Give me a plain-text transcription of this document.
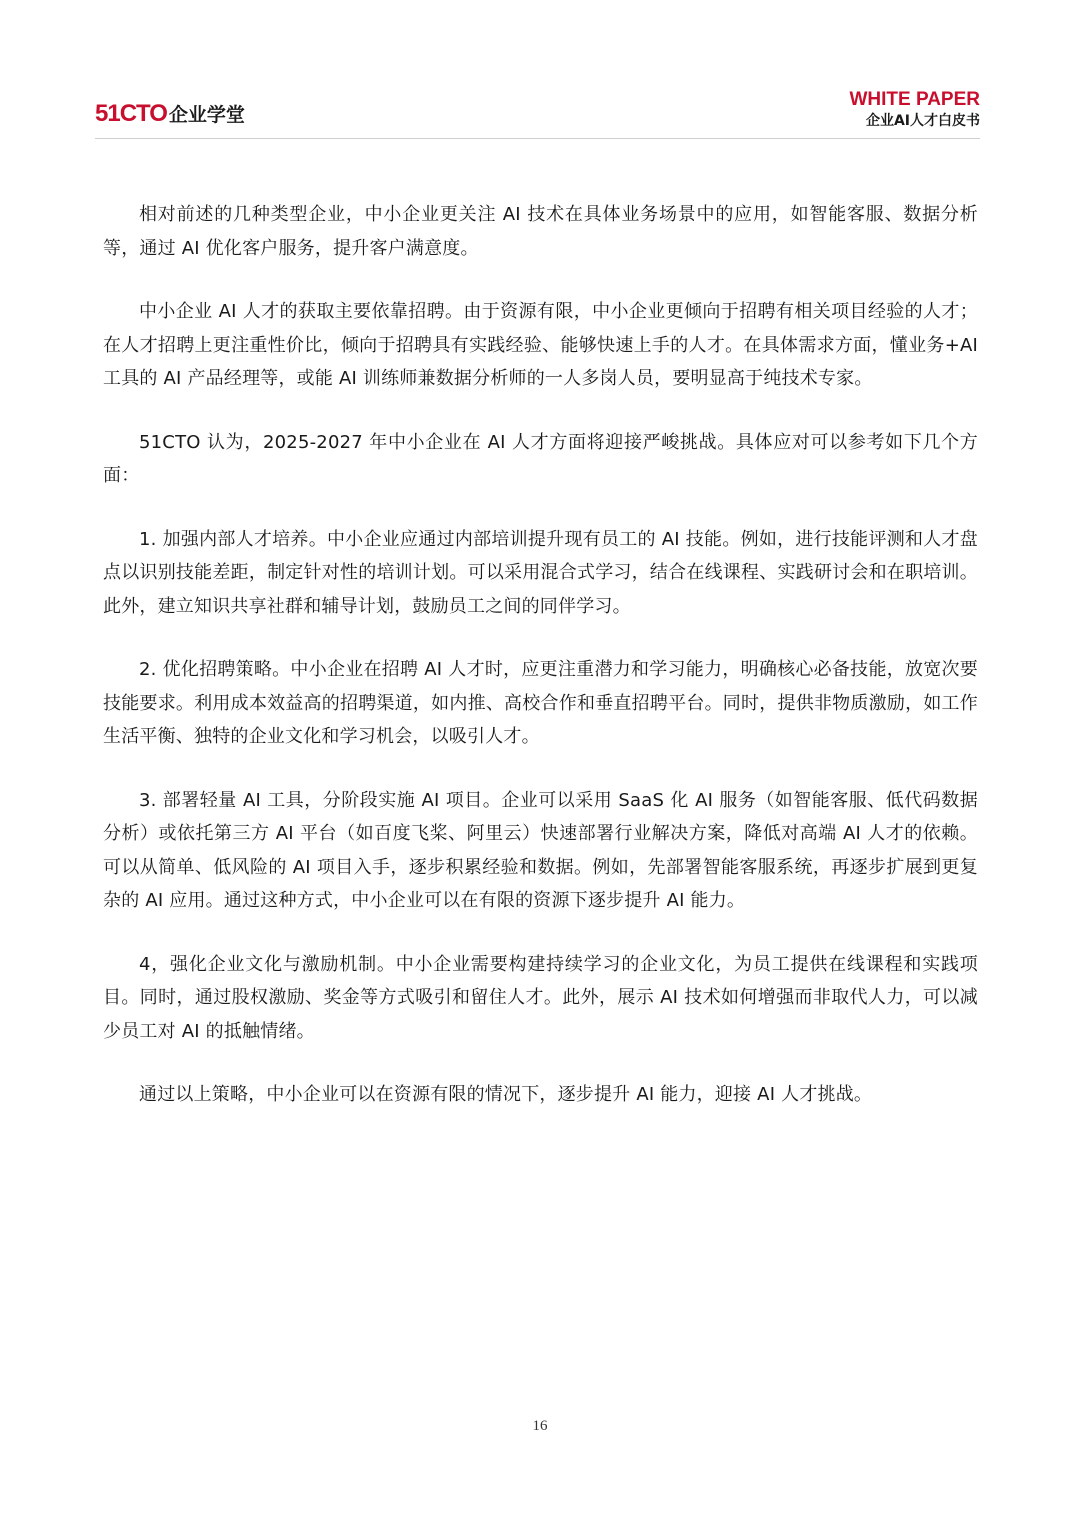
51CTO 企业学堂
WHITE PAPER
企业AI人才白皮书

相对前述的几种类型企业，中小企业更关注 AI 技术在具体业务场景中的应用，如智能客服、数据分析等，通过 AI 优化客户服务，提升客户满意度。

中小企业 AI 人才的获取主要依靠招聘。由于资源有限，中小企业更倾向于招聘有相关项目经验的人才；在人才招聘上更注重性价比，倾向于招聘具有实践经验、能够快速上手的人才。在具体需求方面，懂业务+AI 工具的 AI 产品经理等，或能 AI 训练师兼数据分析师的一人多岗人员，要明显高于纯技术专家。

51CTO 认为，2025-2027 年中小企业在 AI 人才方面将迎接严峻挑战。具体应对可以参考如下几个方面：

1. 加强内部人才培养。中小企业应通过内部培训提升现有员工的 AI 技能。例如，进行技能评测和人才盘点以识别技能差距，制定针对性的培训计划。可以采用混合式学习，结合在线课程、实践研讨会和在职培训。此外，建立知识共享社群和辅导计划，鼓励员工之间的同伴学习。

2. 优化招聘策略。中小企业在招聘 AI 人才时，应更注重潜力和学习能力，明确核心必备技能，放宽次要技能要求。利用成本效益高的招聘渠道，如内推、高校合作和垂直招聘平台。同时，提供非物质激励，如工作生活平衡、独特的企业文化和学习机会，以吸引人才。

3. 部署轻量 AI 工具，分阶段实施 AI 项目。企业可以采用 SaaS 化 AI 服务（如智能客服、低代码数据分析）或依托第三方 AI 平台（如百度飞桨、阿里云）快速部署行业解决方案，降低对高端 AI 人才的依赖。可以从简单、低风险的 AI 项目入手，逐步积累经验和数据。例如，先部署智能客服系统，再逐步扩展到更复杂的 AI 应用。通过这种方式，中小企业可以在有限的资源下逐步提升 AI 能力。

4，强化企业文化与激励机制。中小企业需要构建持续学习的企业文化，为员工提供在线课程和实践项目。同时，通过股权激励、奖金等方式吸引和留住人才。此外，展示 AI 技术如何增强而非取代人力，可以减少员工对 AI 的抵触情绪。

通过以上策略，中小企业可以在资源有限的情况下，逐步提升 AI 能力，迎接 AI 人才挑战。

16
